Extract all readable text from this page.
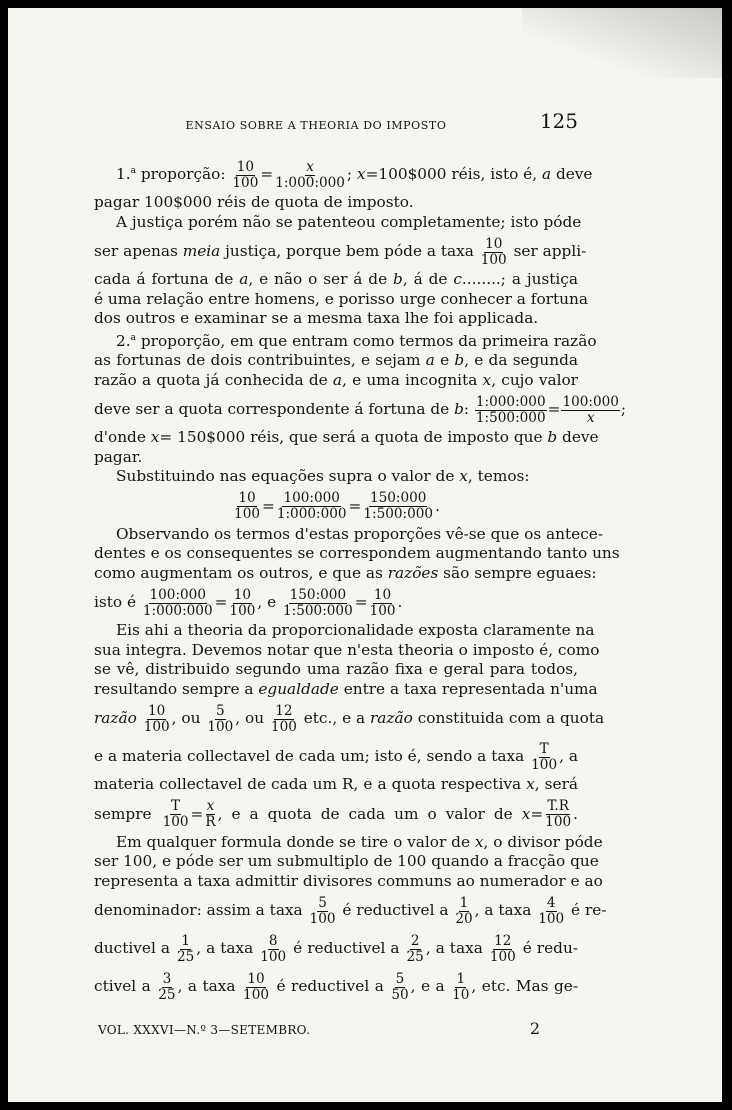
ENSAIO SOBRE A THEORIA DO IMPOSTO	125
1.$^a$ proporção: $\frac{10}{100} = \frac{x}{1:000:000}$ ; x=100$000 réis, isto é, a deve
pagar 100$000 réis de quota de imposto.
A justiça porém não se patenteou completamente; isto póde
ser apenas meia justiça, porque bem póde a taxa $\frac{10}{100}$ ser appli-
cada á fortuna de a, e não o ser á de b, á de c........; a justiça
é uma relação entre homens, e porisso urge conhecer a fortuna
dos outros e examinar se a mesma taxa lhe foi applicada.
2.$^a$ proporção, em que entram como termos da primeira razão
as fortunas de dois contribuintes, e sejam a e b, e da segunda
razão a quota já conhecida de a, e uma incognita x, cujo valor
deve ser a quota correspondente á fortuna de b: $\frac{1:000:000}{1:500:000} = \frac{100:000}{x}$ ;
d'onde x= 150$000 réis, que será a quota de imposto que b deve
pagar.
Substituindo nas equações supra o valor de x, temos:
$\frac{10}{100} = \frac{100:000}{1:000:000} = \frac{150:000}{1:500:000}$ .
Observando os termos d'estas proporções vê-se que os antece-
dentes e os consequentes se correspondem augmentando tanto uns
como augmentam os outros, e que as razões são sempre eguaes:
isto é $\frac{100:000}{1:000:000} = \frac{10}{100}$ , e $\frac{150:000}{1:500:000} = \frac{10}{100}$ .
Eis ahi a theoria da proporcionalidade exposta claramente na
sua integra. Devemos notar que n'esta theoria o imposto é, como
se vê, distribuido segundo uma razão fixa e geral para todos,
resultando sempre a egualdade entre a taxa representada n'uma
razão $\frac{10}{100}$ , ou $\frac{5}{100}$ , ou $\frac{12}{100}$ etc., e a razão constituida com a quota
e a materia collectavel de cada um; isto é, sendo a taxa $\frac{T}{100}$ , a
materia collectavel de cada um R, e a quota respectiva x, será
sempre $\frac{T}{100} = \frac{x}{R}$ , e a quota de cada um o valor de $x= \frac{T.R}{100}$ .
Em qualquer formula donde se tire o valor de x, o divisor póde
ser 100, e póde ser um submultiplo de 100 quando a fracção que
representa a taxa admittir divisores communs ao numerador e ao
denominador: assim a taxa $\frac{5}{100}$ é reductivel a $\frac{1}{20}$ , a taxa $\frac{4}{100}$ é re-
ductivel a $\frac{1}{25}$ , a taxa $\frac{8}{100}$ é reductivel a $\frac{2}{25}$ , a taxa $\frac{12}{100}$ é redu-
ctivel a $\frac{3}{25}$ , a taxa $\frac{10}{100}$ é reductivel a $\frac{5}{50}$ , e a $\frac{1}{10}$ , etc. Mas ge-
VOL. XXXVI—N.º 3—SETEMBRO.	2
